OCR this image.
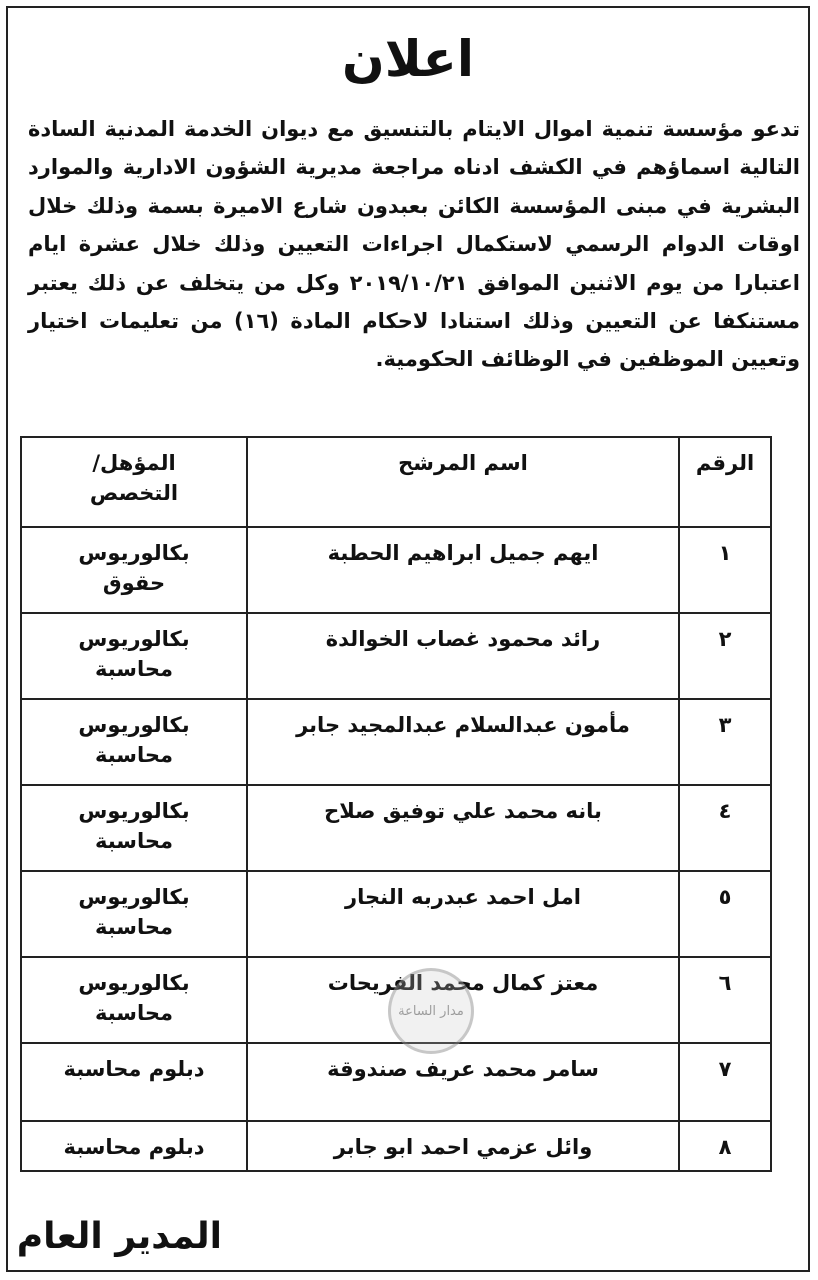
اعلان
تدعو مؤسسة تنمية اموال الايتام بالتنسيق مع ديوان الخدمة المدنية السادة التالية اسماؤهم في الكشف ادناه مراجعة مديرية الشؤون الادارية والموارد البشرية في مبنى المؤسسة الكائن بعبدون شارع الاميرة بسمة وذلك خلال اوقات الدوام الرسمي لاستكمال اجراءات التعيين وذلك خلال عشرة ايام اعتبارا من يوم الاثنين الموافق ٢٠١٩/١٠/٢١ وكل من يتخلف عن ذلك يعتبر مستنكفا عن التعيين وذلك استنادا لاحكام المادة (١٦) من تعليمات اختيار وتعيين الموظفين في الوظائف الحكومية.
الرقم	اسم المرشح	المؤهل/
التخصص

١	ايهم جميل ابراهيم الحطبة	بكالوريوس
حقوق

٢	رائد محمود غصاب الخوالدة	بكالوريوس
محاسبة

٣	مأمون عبدالسلام عبدالمجيد جابر	بكالوريوس
محاسبة

٤	بانه محمد علي توفيق صلاح	بكالوريوس
محاسبة

٥	امل احمد عبدربه النجار	بكالوريوس
محاسبة

٦	معتز كمال محمد الفريحات	بكالوريوس
محاسبة

٧	سامر محمد عريف صندوقة	دبلوم محاسبة

٨	وائل عزمي احمد ابو جابر	دبلوم محاسبة
مدار الساعة
المدير العام
